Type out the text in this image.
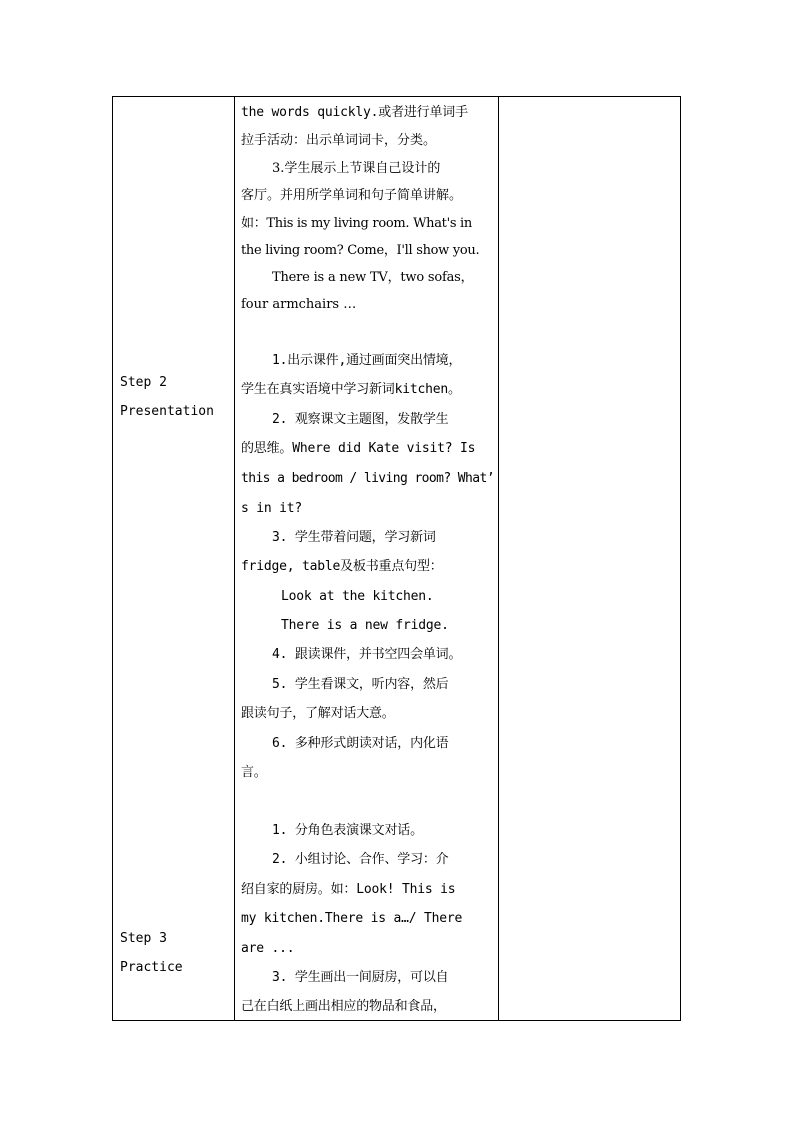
Step 2
Presentation
Step 3
Practice
the words quickly.或者进行单词手
拉手活动：出示单词词卡，分类。
3.学生展示上节课自己设计的
客厅。并用所学单词和句子简单讲解。
如：This is my living room. What's in
the living room? Come，I'll show you.
There is a new TV，two sofas，
four armchairs …
1.出示课件,通过画面突出情境，
学生在真实语境中学习新词kitchen。
2. 观察课文主题图，发散学生
的思维。Where did Kate visit? Is
this a bedroom / living room? What’
s in it?
3. 学生带着问题，学习新词
fridge, table及板书重点句型：
Look at the kitchen.
There is a new fridge.
4. 跟读课件，并书空四会单词。
5. 学生看课文，听内容，然后
跟读句子，了解对话大意。
6. 多种形式朗读对话，内化语
言。
1. 分角色表演课文对话。
2. 小组讨论、合作、学习：介
绍自家的厨房。如：Look! This is
my kitchen.There is a…/ There
are ...
3. 学生画出一间厨房，可以自
己在白纸上画出相应的物品和食品，
